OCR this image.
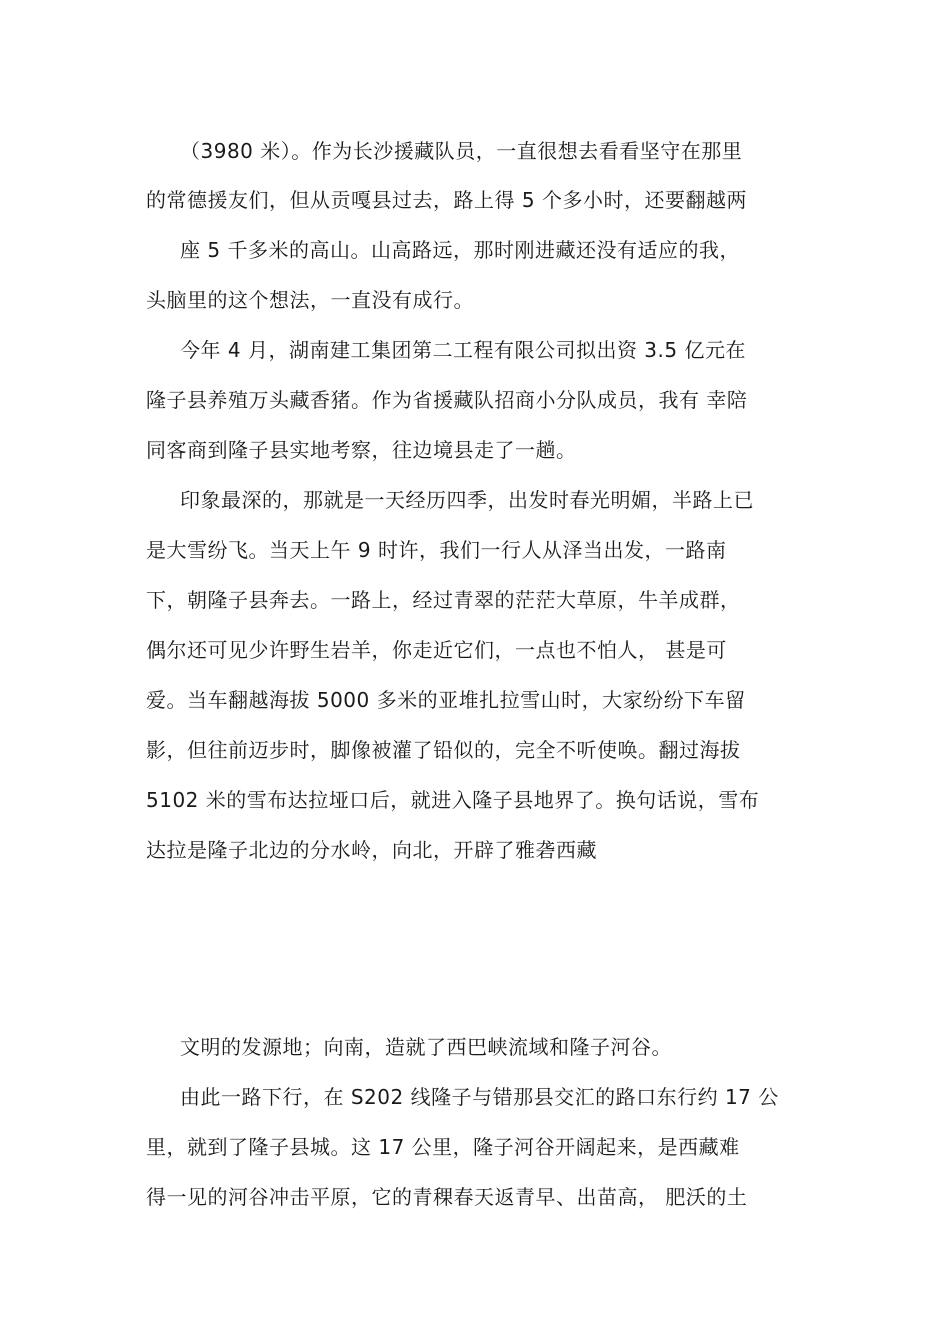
（3980 米）。作为长沙援藏队员，一直很想去看看坚守在那里
的常德援友们，但从贡嘎县过去，路上得 5 个多小时，还要翻越两
座 5 千多米的高山。山高路远，那时刚进藏还没有适应的我，
头脑里的这个想法，一直没有成行。
今年 4 月，湖南建工集团第二工程有限公司拟出资 3.5 亿元在
隆子县养殖万头藏香猪。作为省援藏队招商小分队成员，我有 幸陪
同客商到隆子县实地考察，往边境县走了一趟。
印象最深的，那就是一天经历四季，出发时春光明媚，半路上已
是大雪纷飞。当天上午 9 时许，我们一行人从泽当出发，一路南
下，朝隆子县奔去。一路上，经过青翠的茫茫大草原，牛羊成群，
偶尔还可见少许野生岩羊，你走近它们，一点也不怕人， 甚是可
爱。当车翻越海拔 5000 多米的亚堆扎拉雪山时，大家纷纷下车留
影，但往前迈步时，脚像被灌了铅似的，完全不听使唤。翻过海拔
5102 米的雪布达拉垭口后，就进入隆子县地界了。换句话说，雪布
达拉是隆子北边的分水岭，向北，开辟了雅砻西藏
文明的发源地；向南，造就了西巴峡流域和隆子河谷。
由此一路下行，在 S202 线隆子与错那县交汇的路口东行约 17 公
里，就到了隆子县城。这 17 公里，隆子河谷开阔起来，是西藏难
得一见的河谷冲击平原，它的青稞春天返青早、出苗高， 肥沃的土
